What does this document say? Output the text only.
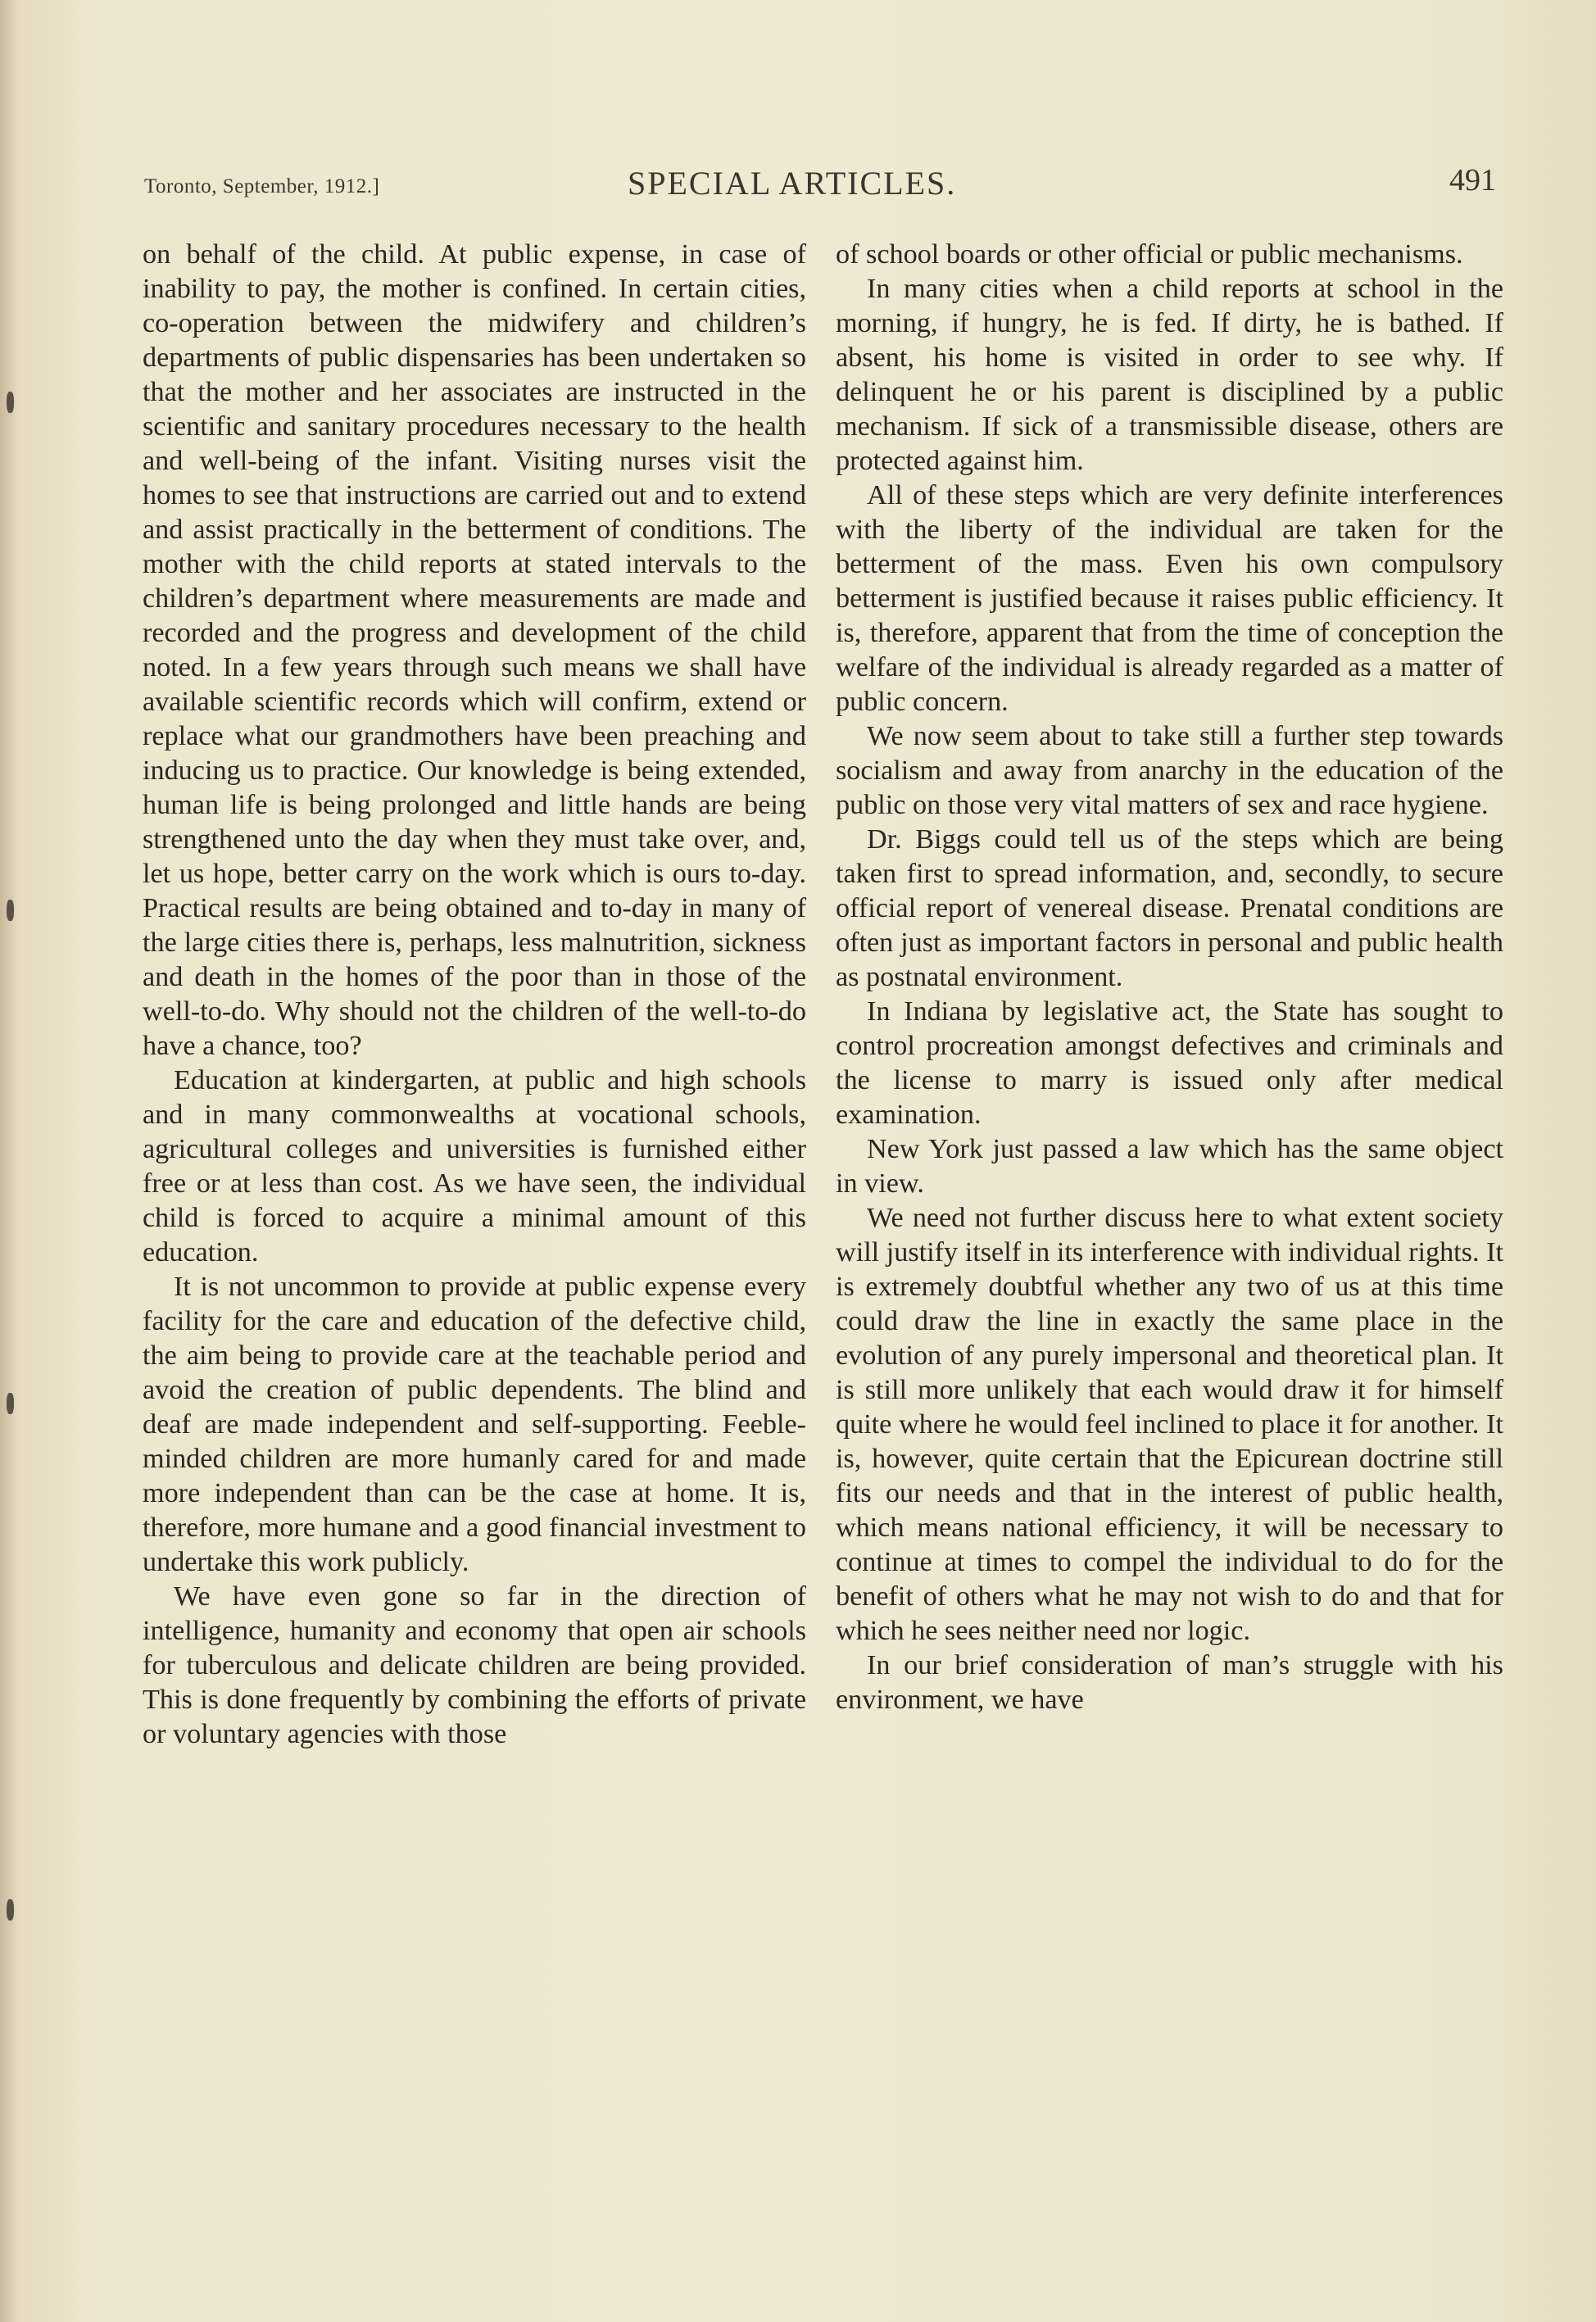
Toronto, September, 1912.]	SPECIAL ARTICLES.	491

on behalf of the child. At public expense, in case of inability to pay, the mother is confined. In certain cities, co-operation between the midwifery and children’s departments of public dispensaries has been undertaken so that the mother and her associates are instructed in the scientific and sanitary procedures necessary to the health and well-being of the infant. Visiting nurses visit the homes to see that instructions are carried out and to extend and assist practically in the betterment of conditions. The mother with the child reports at stated intervals to the children’s department where measurements are made and recorded and the progress and development of the child noted. In a few years through such means we shall have available scientific records which will confirm, extend or replace what our grandmothers have been preaching and inducing us to practice. Our knowledge is being extended, human life is being prolonged and little hands are being strengthened unto the day when they must take over, and, let us hope, better carry on the work which is ours to-day. Practical results are being obtained and to-day in many of the large cities there is, perhaps, less malnutrition, sickness and death in the homes of the poor than in those of the well-to-do. Why should not the children of the well-to-do have a chance, too?

Education at kindergarten, at public and high schools and in many commonwealths at vocational schools, agricultural colleges and universities is furnished either free or at less than cost. As we have seen, the individual child is forced to acquire a minimal amount of this education.

It is not uncommon to provide at public expense every facility for the care and education of the defective child, the aim being to provide care at the teachable period and avoid the creation of public dependents. The blind and deaf are made independent and self-supporting. Feeble-minded children are more humanly cared for and made more independent than can be the case at home. It is, therefore, more humane and a good financial investment to undertake this work publicly.

We have even gone so far in the direction of intelligence, humanity and economy that open air schools for tuberculous and delicate children are being provided. This is done frequently by combining the efforts of private or voluntary agencies with those

of school boards or other official or public mechanisms.

In many cities when a child reports at school in the morning, if hungry, he is fed. If dirty, he is bathed. If absent, his home is visited in order to see why. If delinquent he or his parent is disciplined by a public mechanism. If sick of a transmissible disease, others are protected against him.

All of these steps which are very definite interferences with the liberty of the individual are taken for the betterment of the mass. Even his own compulsory betterment is justified because it raises public efficiency. It is, therefore, apparent that from the time of conception the welfare of the individual is already regarded as a matter of public concern.

We now seem about to take still a further step towards socialism and away from anarchy in the education of the public on those very vital matters of sex and race hygiene.

Dr. Biggs could tell us of the steps which are being taken first to spread information, and, secondly, to secure official report of venereal disease. Prenatal conditions are often just as important factors in personal and public health as postnatal environment.

In Indiana by legislative act, the State has sought to control procreation amongst defectives and criminals and the license to marry is issued only after medical examination.

New York just passed a law which has the same object in view.

We need not further discuss here to what extent society will justify itself in its interference with individual rights. It is extremely doubtful whether any two of us at this time could draw the line in exactly the same place in the evolution of any purely impersonal and theoretical plan. It is still more unlikely that each would draw it for himself quite where he would feel inclined to place it for another. It is, however, quite certain that the Epicurean doctrine still fits our needs and that in the interest of public health, which means national efficiency, it will be necessary to continue at times to compel the individual to do for the benefit of others what he may not wish to do and that for which he sees neither need nor logic.

In our brief consideration of man’s struggle with his environment, we have
